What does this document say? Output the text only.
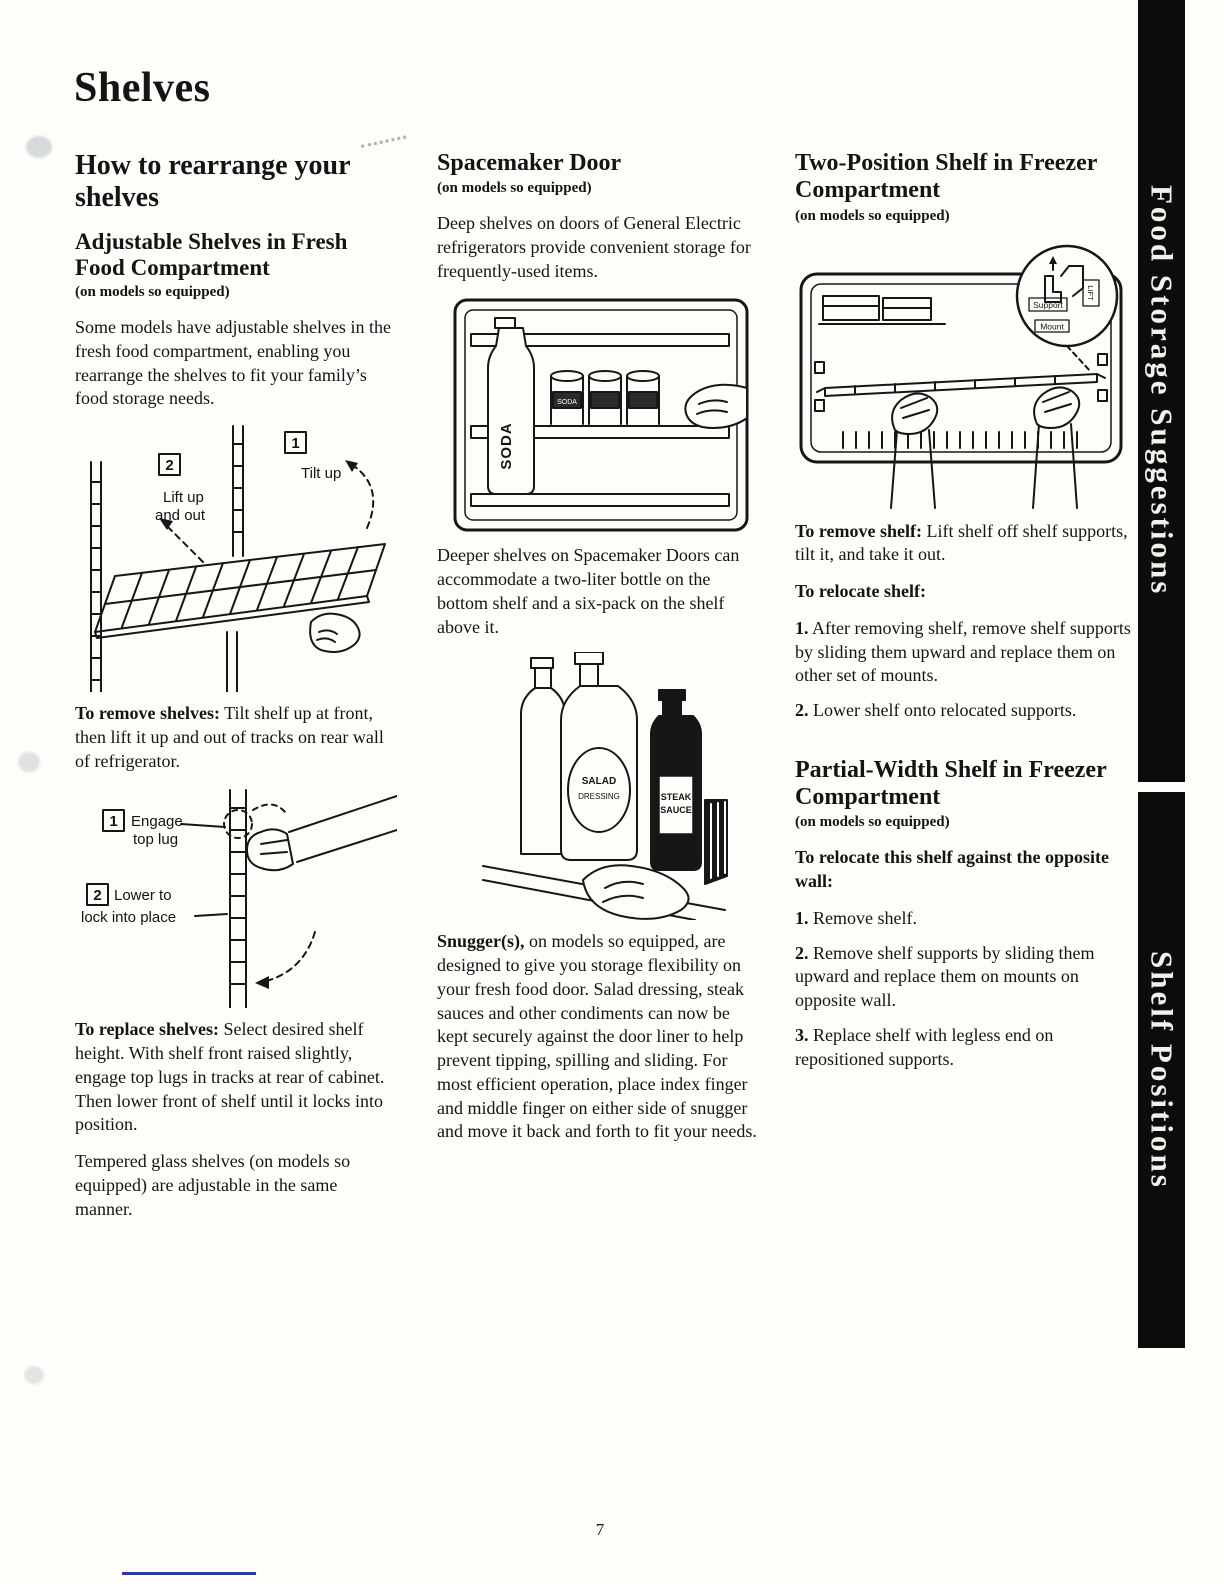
Shelves
How to rearrange your shelves
Adjustable Shelves in Fresh Food Compartment
(on models so equipped)

Some models have adjustable shelves in the fresh food compartment, enabling you rearrange the shelves to fit your family’s food storage needs.

2
Lift up
and out
1
Tilt up

To remove shelves: Tilt shelf up at front, then lift it up and out of tracks on rear wall of refrigerator.

1 Engage
top lug
2 Lower to
lock into place

To replace shelves: Select desired shelf height. With shelf front raised slightly, engage top lugs in tracks at rear of cabinet. Then lower front of shelf until it locks into position.

Tempered glass shelves (on models so equipped) are adjustable in the same manner.

Spacemaker Door
(on models so equipped)

Deep shelves on doors of General Electric refrigerators provide convenient storage for frequently-used items.

SODA
SODA

Deeper shelves on Spacemaker Doors can accommodate a two-liter bottle on the bottom shelf and a six-pack on the shelf above it.

SALAD
DRESSING	STEAK
SAUCE

Snugger(s), on models so equipped, are designed to give you storage flexibility on your fresh food door. Salad dressing, steak sauces and other condiments can now be kept securely against the door liner to help prevent tipping, spilling and sliding. For most efficient operation, place index finger and middle finger on either side of snugger and move it back and forth to fit your needs.

Two-Position Shelf in Freezer Compartment
(on models so equipped)
Support
Mount
LIFT

To remove shelf: Lift shelf off shelf supports, tilt it, and take it out.

To relocate shelf:

1. After removing shelf, remove shelf supports by sliding them upward and replace them on other set of mounts.

2. Lower shelf onto relocated supports.

Partial-Width Shelf in Freezer Compartment
(on models so equipped)

To relocate this shelf against the opposite wall:

1. Remove shelf.

2. Remove shelf supports by sliding them upward and replace them on mounts on opposite wall.

3. Replace shelf with legless end on repositioned supports.

Food Storage Suggestions
Shelf Positions
7
